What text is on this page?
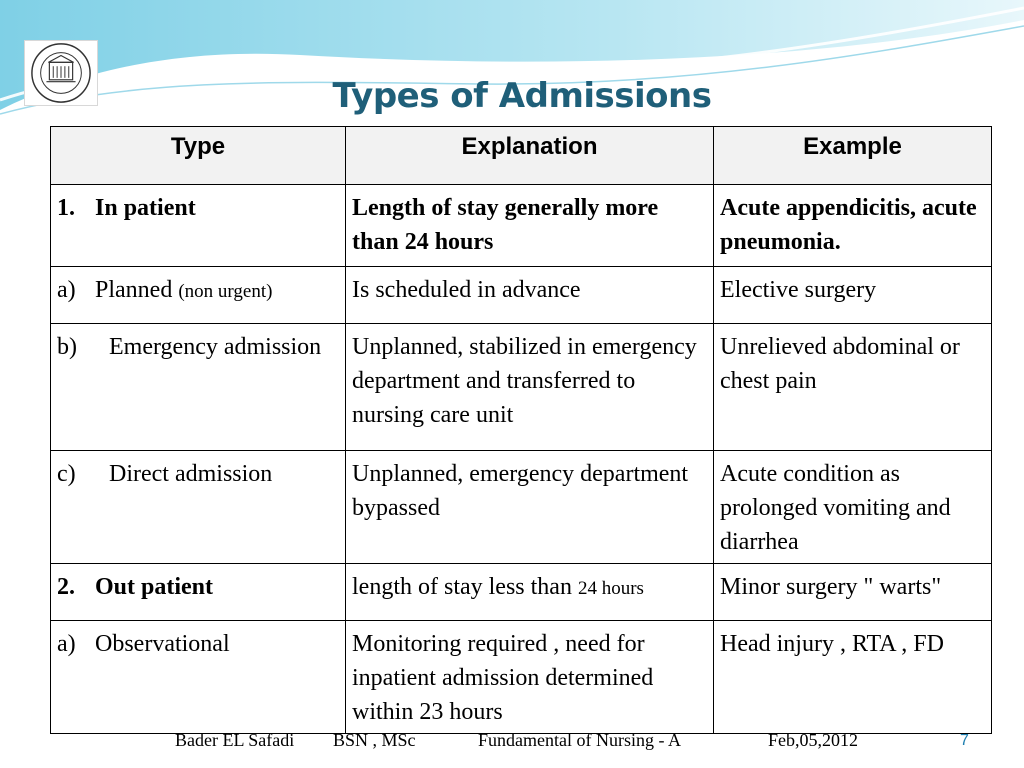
Types of Admissions
Type	Explanation	Example
1. In patient	Length of stay generally more than 24 hours	Acute appendicitis, acute pneumonia.
a) Planned (non urgent)	Is scheduled in advance	Elective surgery

b) Emergency admission	Unplanned, stabilized in emergency department and transferred to nursing care unit	Unrelieved abdominal or chest pain

c) Direct admission	Unplanned, emergency department bypassed	Acute condition as prolonged vomiting and diarrhea
2. Out patient	length of stay less than 24 hours	Minor surgery " warts"
a) Observational	Monitoring required , need for inpatient admission determined within 23 hours	Head injury , RTA , FD
Bader EL Safadi BSN , MSc	Fundamental of Nursing - A	Feb,05,2012	7
